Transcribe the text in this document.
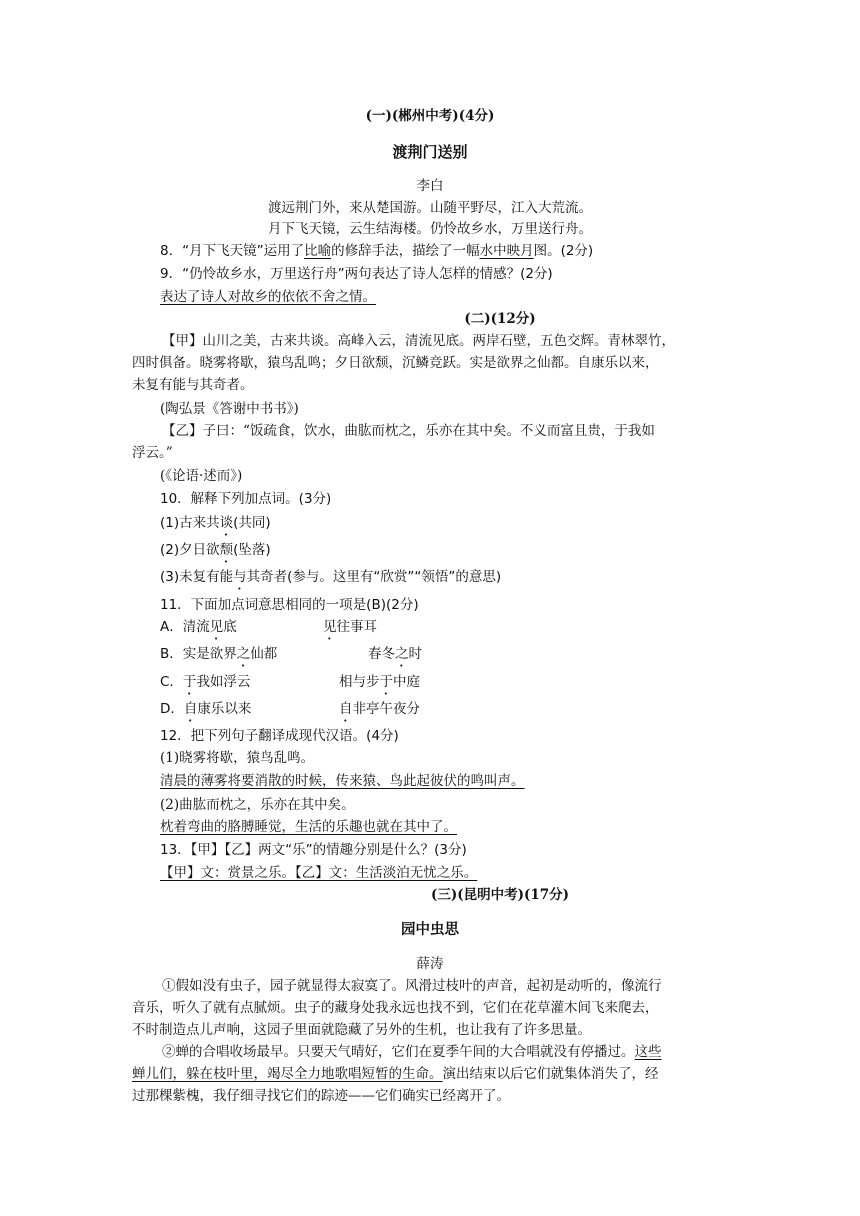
(一)(郴州中考)(4分)
渡荆门送别
李白
渡远荆门外，来从楚国游。山随平野尽，江入大荒流。
月下飞天镜，云生结海楼。仍怜故乡水，万里送行舟。
8．“月下飞天镜”运用了比喻的修辞手法，描绘了一幅水中映月图。(2分)
9．“仍怜故乡水，万里送行舟”两句表达了诗人怎样的情感？(2分)
表达了诗人对故乡的依依不舍之情。
(二)(12分)
【甲】山川之美，古来共谈。高峰入云，清流见底。两岸石壁，五色交辉。青林翠竹，
四时俱备。晓雾将歇，猿鸟乱鸣；夕日欲颓，沉鳞竞跃。实是欲界之仙都。自康乐以来，
未复有能与其奇者。
(陶弘景《答谢中书书》)
【乙】子曰：“饭疏食，饮水，曲肱而枕之，乐亦在其中矣。不义而富且贵，于我如
浮云。”
(《论语·述而》)
10．解释下列加点词。(3分)
(1)古来共谈(共同)
(2)夕日欲颓(坠落)
(3)未复有能与其奇者(参与。这里有“欣赏”“领悟”的意思)
11．下面加点词意思相同的一项是(B)(2分)
A．清流见底	见往事耳
B．实是欲界之仙都	春冬之时
C．于我如浮云	相与步于中庭
D．自康乐以来	自非亭午夜分
12．把下列句子翻译成现代汉语。(4分)
(1)晓雾将歇，猿鸟乱鸣。
清晨的薄雾将要消散的时候，传来猿、鸟此起彼伏的鸣叫声。
(2)曲肱而枕之，乐亦在其中矣。
枕着弯曲的胳膊睡觉，生活的乐趣也就在其中了。
13．【甲】【乙】两文“乐”的情趣分别是什么？(3分)
【甲】文：赏景之乐。【乙】文：生活淡泊无忧之乐。
(三)(昆明中考)(17分)
园中虫思
薛涛
①假如没有虫子，园子就显得太寂寞了。风滑过枝叶的声音，起初是动听的，像流行
音乐，听久了就有点腻烦。虫子的藏身处我永远也找不到，它们在花草灌木间飞来爬去，
不时制造点儿声响，这园子里面就隐藏了另外的生机，也让我有了许多思量。
②蝉的合唱收场最早。只要天气晴好，它们在夏季午间的大合唱就没有停播过。这些
蝉儿们，躲在枝叶里，竭尽全力地歌唱短暂的生命。演出结束以后它们就集体消失了，经
过那棵紫槐，我仔细寻找它们的踪迹——它们确实已经离开了。
